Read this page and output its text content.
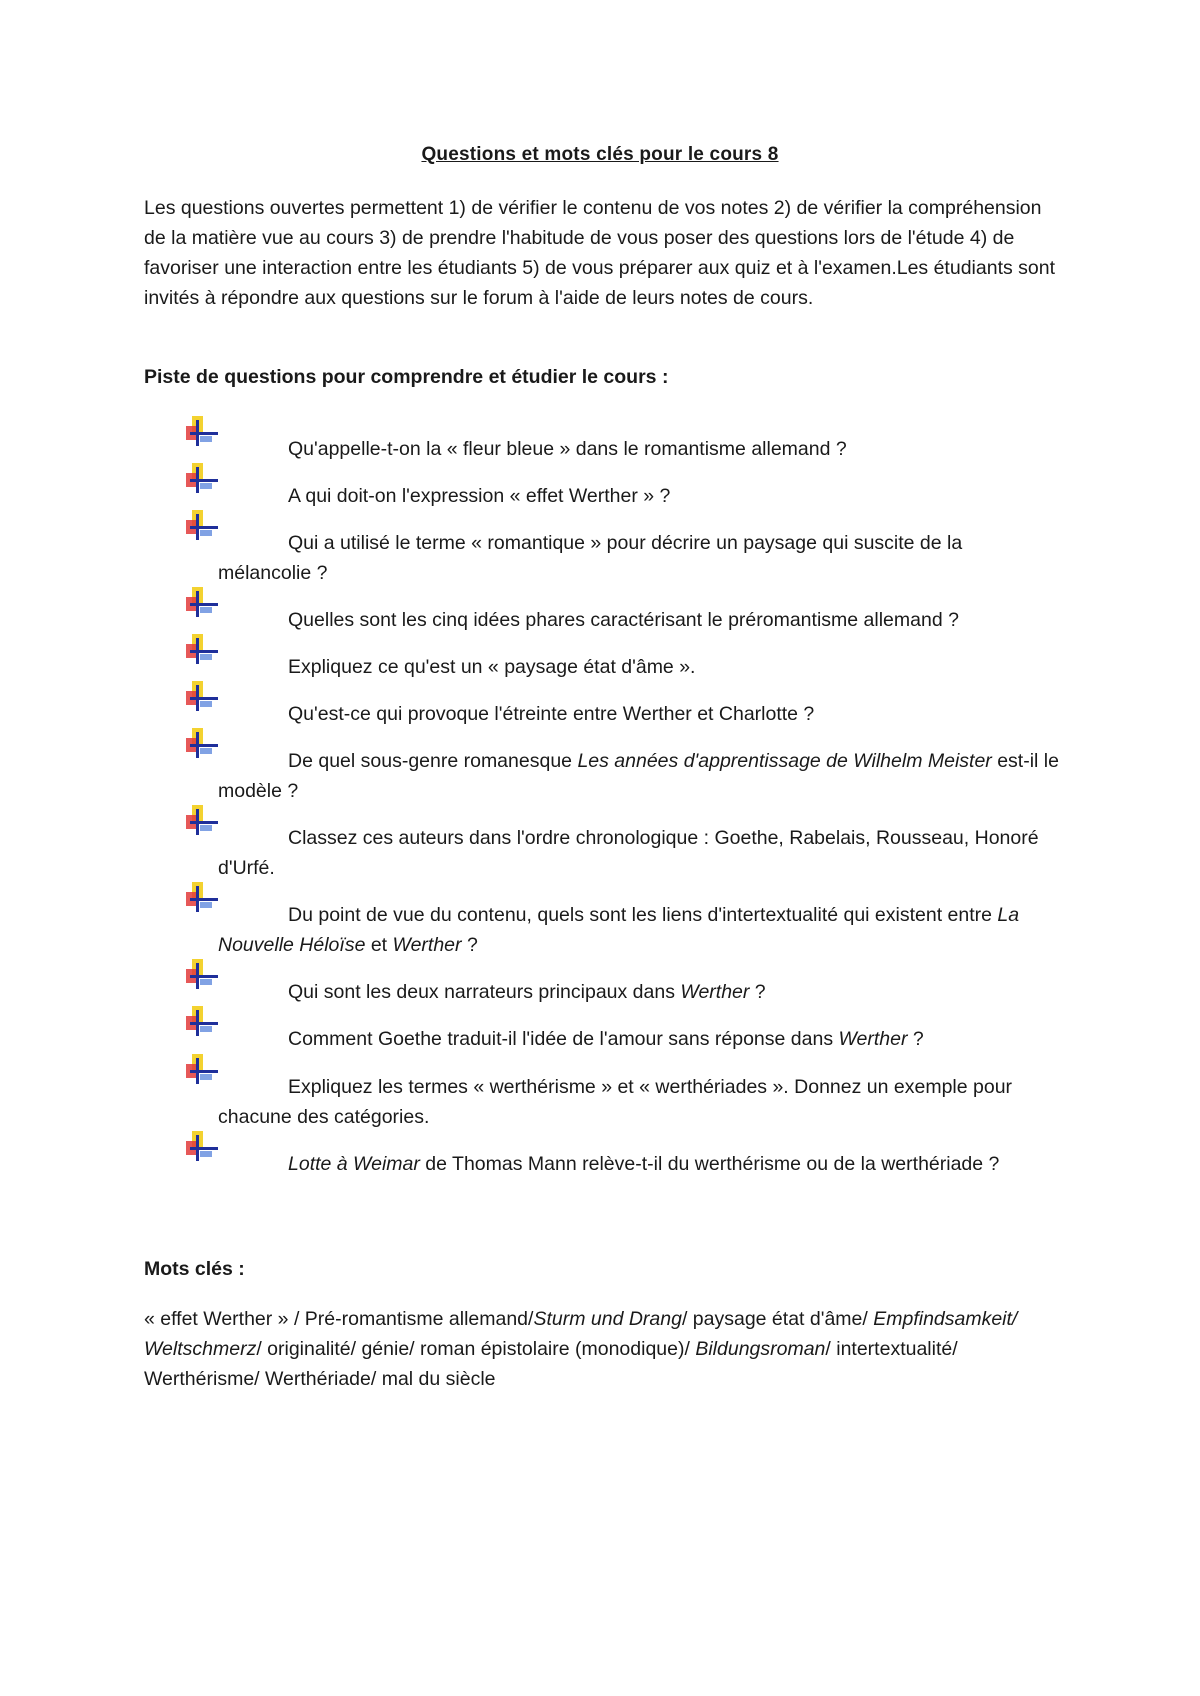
Questions et mots clés pour le cours 8

Les questions ouvertes permettent 1) de vérifier le contenu de vos notes 2) de vérifier la compréhension de la matière vue au cours 3) de prendre l'habitude de vous poser des questions lors de l'étude 4) de favoriser une interaction entre les étudiants 5) de vous préparer aux quiz et à l'examen.Les étudiants sont invités à répondre aux questions sur le forum à l'aide de leurs notes de cours.

Piste de questions pour comprendre et étudier le cours :

Qu'appelle-t-on la « fleur bleue » dans le romantisme allemand ?
A qui doit-on l'expression « effet Werther » ?
Qui a utilisé le terme « romantique » pour décrire un paysage qui suscite de la mélancolie ?
Quelles sont les cinq idées phares caractérisant le préromantisme allemand ?
Expliquez ce qu'est un « paysage état d'âme ».
Qu'est-ce qui provoque l'étreinte entre Werther et Charlotte ?
De quel sous-genre romanesque Les années d'apprentissage de Wilhelm Meister est-il le modèle ?
Classez ces auteurs dans l'ordre chronologique : Goethe, Rabelais, Rousseau, Honoré d'Urfé.
Du point de vue du contenu, quels sont les liens d'intertextualité qui existent entre La Nouvelle Héloïse et Werther ?
Qui sont les deux narrateurs principaux dans Werther ?
Comment Goethe traduit-il l'idée de l'amour sans réponse dans Werther ?
Expliquez les termes « werthérisme » et « werthériades ». Donnez un exemple pour chacune des catégories.
Lotte à Weimar de Thomas Mann relève-t-il du werthérisme ou de la werthériade ?

Mots clés :

« effet Werther » / Pré-romantisme allemand/Sturm und Drang/ paysage état d'âme/ Empfindsamkeit/ Weltschmerz/ originalité/ génie/ roman épistolaire (monodique)/ Bildungsroman/ intertextualité/ Werthérisme/ Werthériade/ mal du siècle
